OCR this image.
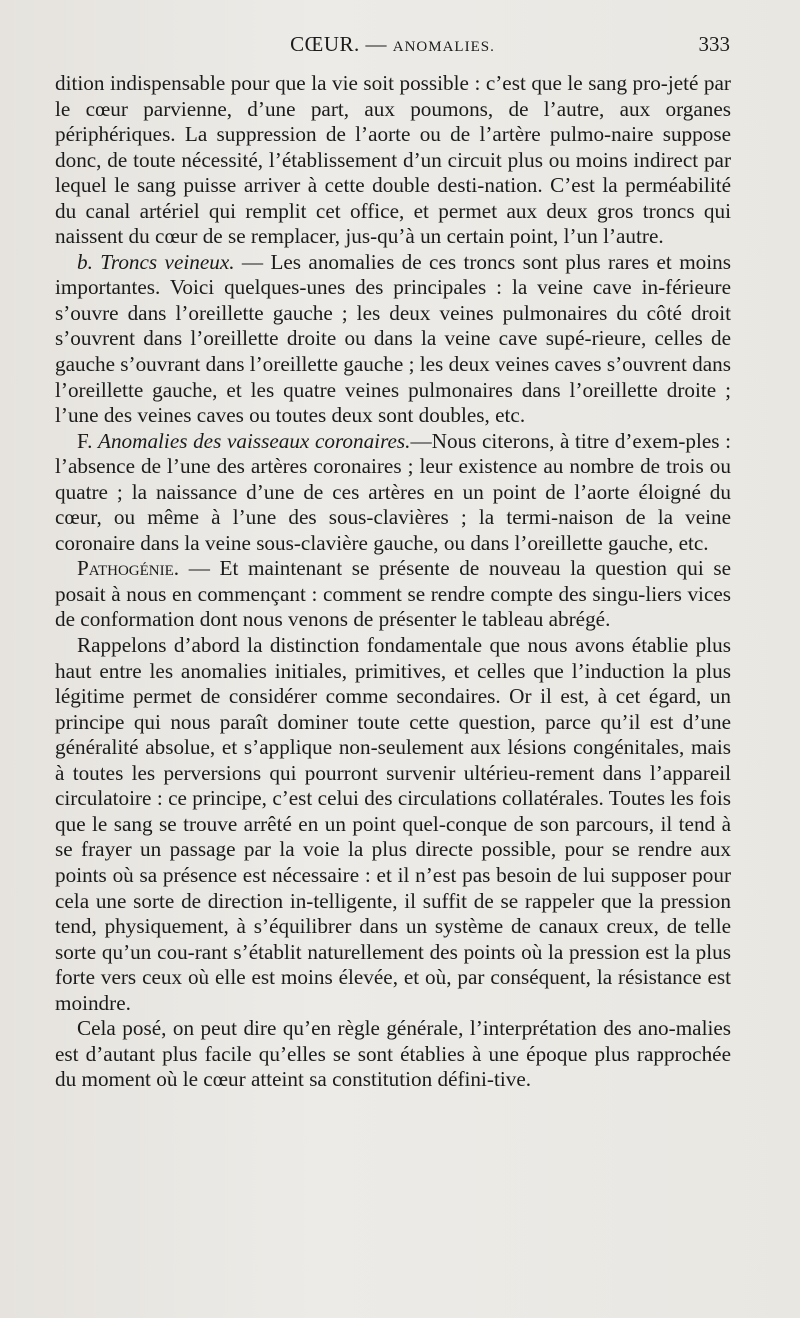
CŒUR. — ANOMALIES.	333

dition indispensable pour que la vie soit possible : c’est que le sang pro-jeté par le cœur parvienne, d’une part, aux poumons, de l’autre, aux organes périphériques. La suppression de l’aorte ou de l’artère pulmo-naire suppose donc, de toute nécessité, l’établissement d’un circuit plus ou moins indirect par lequel le sang puisse arriver à cette double desti-nation. C’est la perméabilité du canal artériel qui remplit cet office, et permet aux deux gros troncs qui naissent du cœur de se remplacer, jus-qu’à un certain point, l’un l’autre.

b. Troncs veineux. — Les anomalies de ces troncs sont plus rares et moins importantes. Voici quelques-unes des principales : la veine cave in-férieure s’ouvre dans l’oreillette gauche ; les deux veines pulmonaires du côté droit s’ouvrent dans l’oreillette droite ou dans la veine cave supé-rieure, celles de gauche s’ouvrant dans l’oreillette gauche ; les deux veines caves s’ouvrent dans l’oreillette gauche, et les quatre veines pulmonaires dans l’oreillette droite ; l’une des veines caves ou toutes deux sont doubles, etc.

F. Anomalies des vaisseaux coronaires.—Nous citerons, à titre d’exem-ples : l’absence de l’une des artères coronaires ; leur existence au nombre de trois ou quatre ; la naissance d’une de ces artères en un point de l’aorte éloigné du cœur, ou même à l’une des sous-clavières ; la termi-naison de la veine coronaire dans la veine sous-clavière gauche, ou dans l’oreillette gauche, etc.

Pathogénie. — Et maintenant se présente de nouveau la question qui se posait à nous en commençant : comment se rendre compte des singu-liers vices de conformation dont nous venons de présenter le tableau abrégé.

Rappelons d’abord la distinction fondamentale que nous avons établie plus haut entre les anomalies initiales, primitives, et celles que l’induction la plus légitime permet de considérer comme secondaires. Or il est, à cet égard, un principe qui nous paraît dominer toute cette question, parce qu’il est d’une généralité absolue, et s’applique non-seulement aux lésions congénitales, mais à toutes les perversions qui pourront survenir ultérieu-rement dans l’appareil circulatoire : ce principe, c’est celui des circulations collatérales. Toutes les fois que le sang se trouve arrêté en un point quel-conque de son parcours, il tend à se frayer un passage par la voie la plus directe possible, pour se rendre aux points où sa présence est nécessaire : et il n’est pas besoin de lui supposer pour cela une sorte de direction in-telligente, il suffit de se rappeler que la pression tend, physiquement, à s’équilibrer dans un système de canaux creux, de telle sorte qu’un cou-rant s’établit naturellement des points où la pression est la plus forte vers ceux où elle est moins élevée, et où, par conséquent, la résistance est moindre.

Cela posé, on peut dire qu’en règle générale, l’interprétation des ano-malies est d’autant plus facile qu’elles se sont établies à une époque plus rapprochée du moment où le cœur atteint sa constitution défini-tive.
